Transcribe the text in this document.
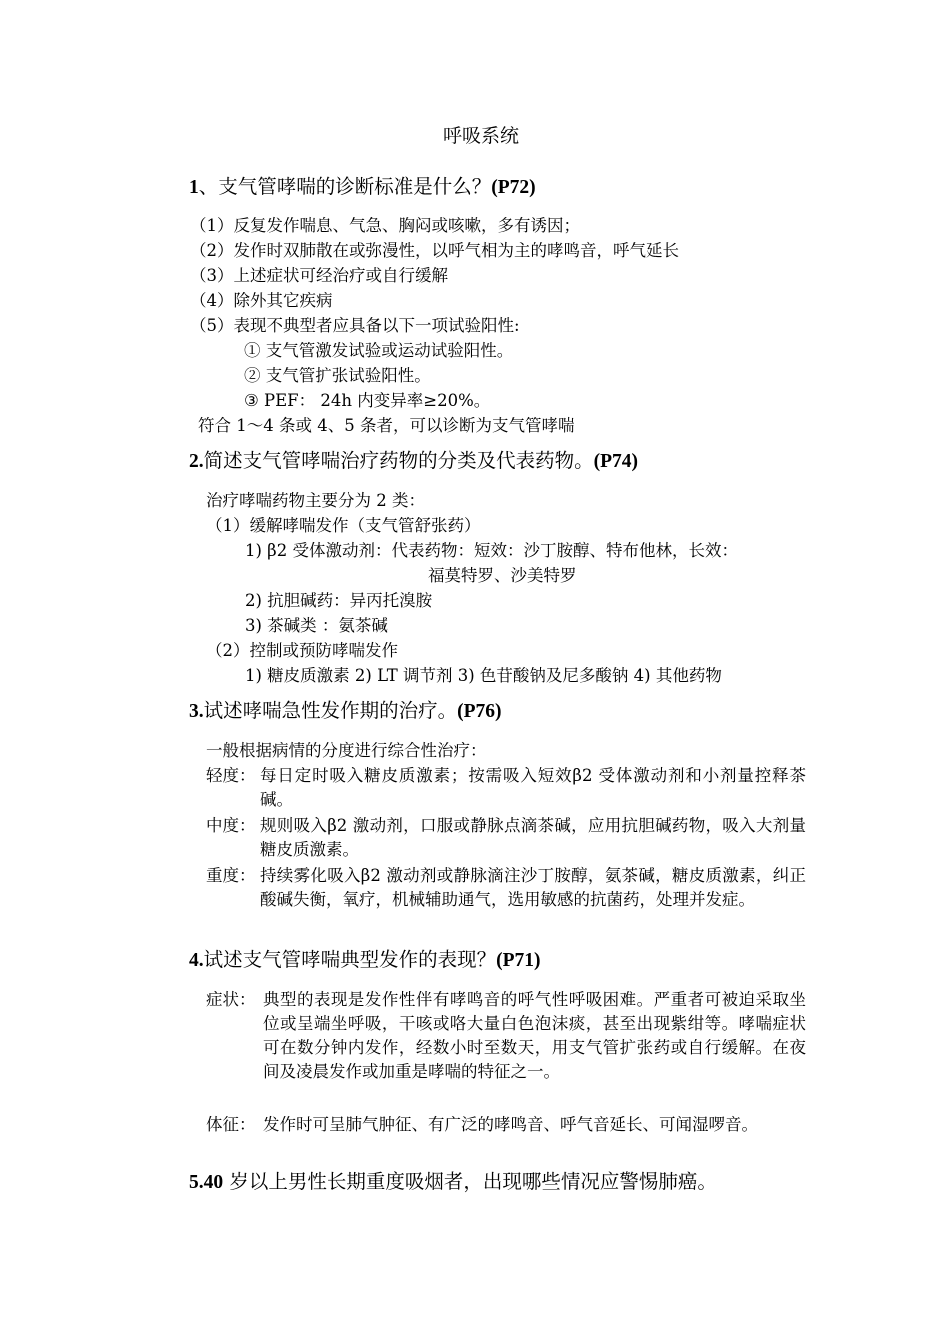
呼吸系统
1、支气管哮喘的诊断标准是什么？(P72)
（1）反复发作喘息、气急、胸闷或咳嗽，多有诱因；
（2）发作时双肺散在或弥漫性，以呼气相为主的哮鸣音，呼气延长
（3）上述症状可经治疗或自行缓解
（4）除外其它疾病
（5）表现不典型者应具备以下一项试验阳性:
① 支气管激发试验或运动试验阳性。
② 支气管扩张试验阳性。
③ PEF： 24h 内变异率≥20%。
符合 1～4 条或 4、5 条者，可以诊断为支气管哮喘
2.简述支气管哮喘治疗药物的分类及代表药物。(P74)
治疗哮喘药物主要分为 2 类：
（1）缓解哮喘发作（支气管舒张药）
1) β2 受体激动剂：代表药物：短效：沙丁胺醇、特布他林，长效：
福莫特罗、沙美特罗
2) 抗胆碱药：异丙托溴胺
3) 茶碱类 ：氨茶碱
（2）控制或预防哮喘发作
1) 糖皮质激素 2) LT 调节剂 3) 色苷酸钠及尼多酸钠 4) 其他药物
3.试述哮喘急性发作期的治疗。(P76)
一般根据病情的分度进行综合性治疗：
轻度： 每日定时吸入糖皮质激素；按需吸入短效β2 受体激动剂和小剂量控释茶碱。
中度： 规则吸入β2 激动剂，口服或静脉点滴茶碱，应用抗胆碱药物，吸入大剂量糖皮质激素。
重度： 持续雾化吸入β2 激动剂或静脉滴注沙丁胺醇，氨茶碱，糖皮质激素，纠正酸碱失衡，氧疗，机械辅助通气，选用敏感的抗菌药，处理并发症。
4.试述支气管哮喘典型发作的表现？(P71)
症状： 典型的表现是发作性伴有哮鸣音的呼气性呼吸困难。严重者可被迫采取坐位或呈端坐呼吸，干咳或咯大量白色泡沫痰，甚至出现紫绀等。哮喘症状可在数分钟内发作，经数小时至数天，用支气管扩张药或自行缓解。在夜间及凌晨发作或加重是哮喘的特征之一。
体征： 发作时可呈肺气肿征、有广泛的哮鸣音、呼气音延长、可闻湿啰音。
5.40 岁以上男性长期重度吸烟者，出现哪些情况应警惕肺癌。
